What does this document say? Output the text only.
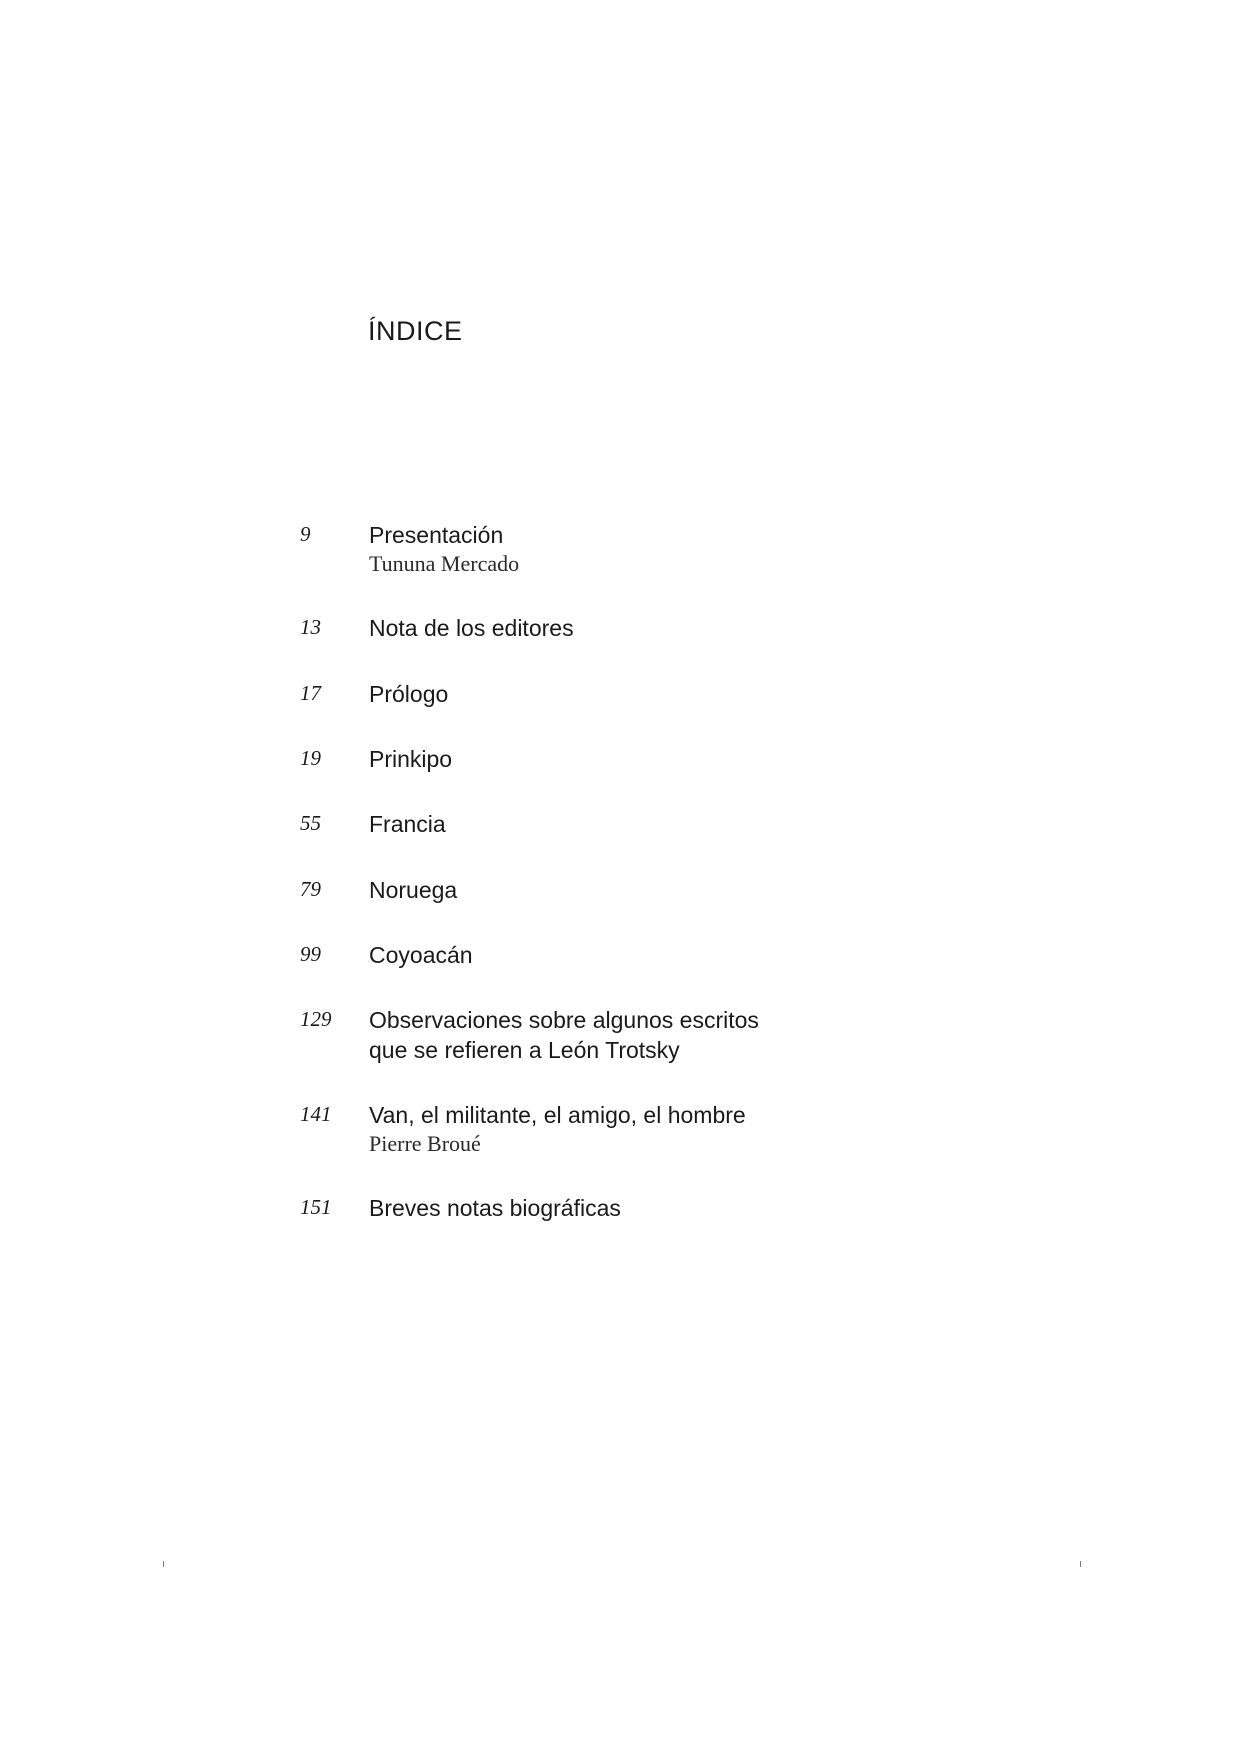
ÍNDICE
9	Presentación
Tununa Mercado
13	Nota de los editores
17	Prólogo
19	Prinkipo
55	Francia
79	Noruega
99	Coyoacán
129	Observaciones sobre algunos escritos
que se refieren a León Trotsky
141	Van, el militante, el amigo, el hombre
Pierre Broué
151	Breves notas biográficas
